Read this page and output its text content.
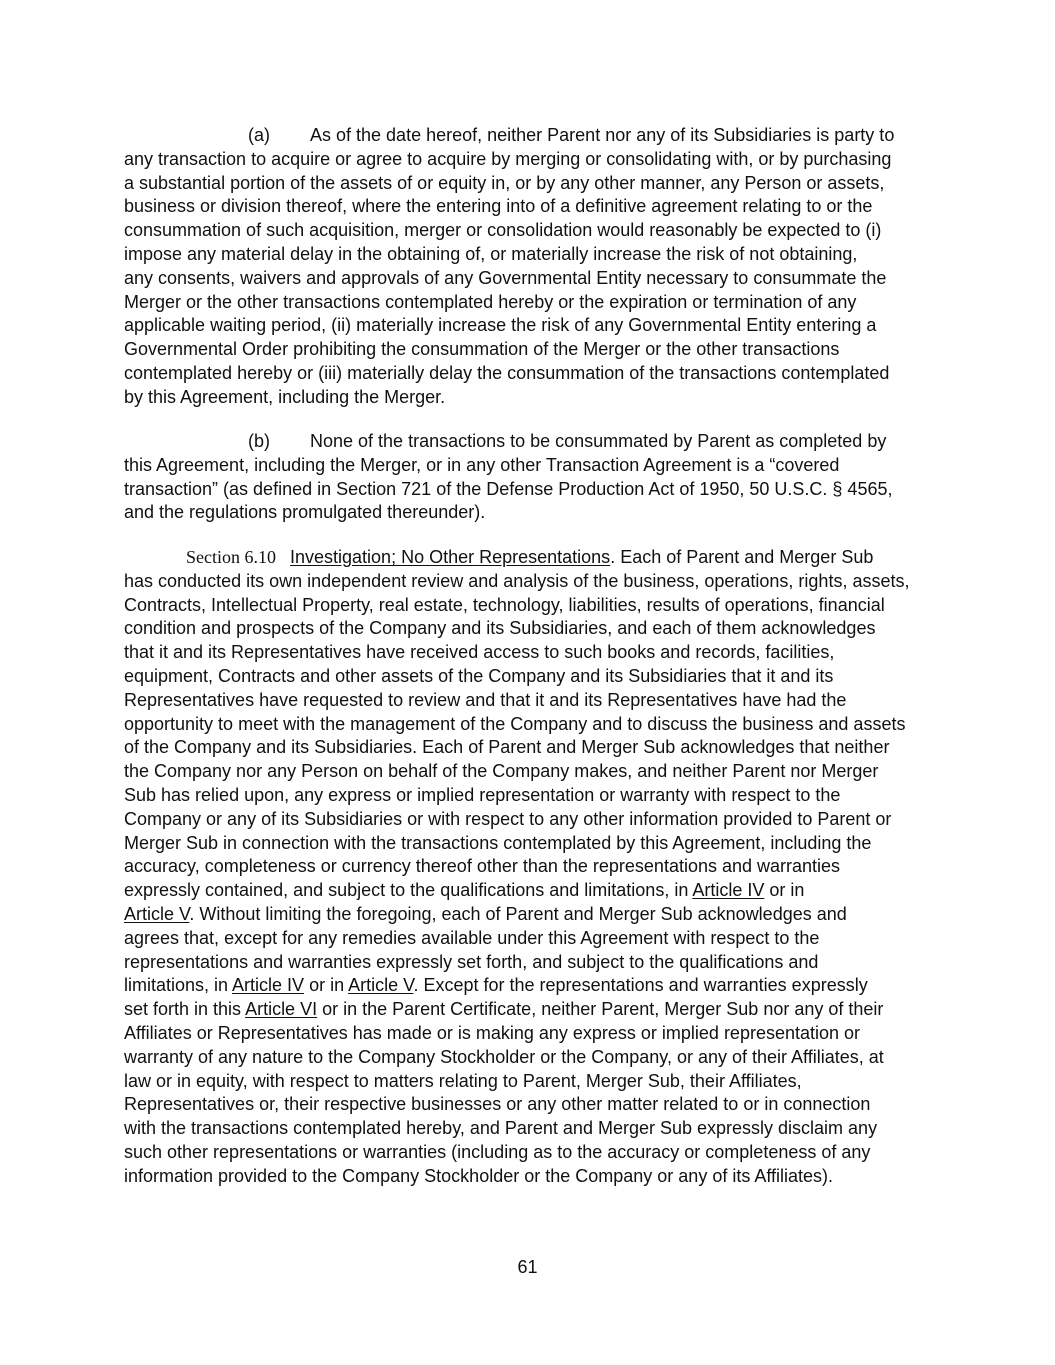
(a) As of the date hereof, neither Parent nor any of its Subsidiaries is party to
any transaction to acquire or agree to acquire by merging or consolidating with, or by purchasing
a substantial portion of the assets of or equity in, or by any other manner, any Person or assets,
business or division thereof, where the entering into of a definitive agreement relating to or the
consummation of such acquisition, merger or consolidation would reasonably be expected to (i)
impose any material delay in the obtaining of, or materially increase the risk of not obtaining,
any consents, waivers and approvals of any Governmental Entity necessary to consummate the
Merger or the other transactions contemplated hereby or the expiration or termination of any
applicable waiting period, (ii) materially increase the risk of any Governmental Entity entering a
Governmental Order prohibiting the consummation of the Merger or the other transactions
contemplated hereby or (iii) materially delay the consummation of the transactions contemplated
by this Agreement, including the Merger.
(b) None of the transactions to be consummated by Parent as completed by
this Agreement, including the Merger, or in any other Transaction Agreement is a “covered
transaction” (as defined in Section 721 of the Defense Production Act of 1950, 50 U.S.C. § 4565,
and the regulations promulgated thereunder).
Section 6.10 Investigation; No Other Representations. Each of Parent and Merger Sub
has conducted its own independent review and analysis of the business, operations, rights, assets,
Contracts, Intellectual Property, real estate, technology, liabilities, results of operations, financial
condition and prospects of the Company and its Subsidiaries, and each of them acknowledges
that it and its Representatives have received access to such books and records, facilities,
equipment, Contracts and other assets of the Company and its Subsidiaries that it and its
Representatives have requested to review and that it and its Representatives have had the
opportunity to meet with the management of the Company and to discuss the business and assets
of the Company and its Subsidiaries. Each of Parent and Merger Sub acknowledges that neither
the Company nor any Person on behalf of the Company makes, and neither Parent nor Merger
Sub has relied upon, any express or implied representation or warranty with respect to the
Company or any of its Subsidiaries or with respect to any other information provided to Parent or
Merger Sub in connection with the transactions contemplated by this Agreement, including the
accuracy, completeness or currency thereof other than the representations and warranties
expressly contained, and subject to the qualifications and limitations, in Article IV or in
Article V. Without limiting the foregoing, each of Parent and Merger Sub acknowledges and
agrees that, except for any remedies available under this Agreement with respect to the
representations and warranties expressly set forth, and subject to the qualifications and
limitations, in Article IV or in Article V. Except for the representations and warranties expressly
set forth in this Article VI or in the Parent Certificate, neither Parent, Merger Sub nor any of their
Affiliates or Representatives has made or is making any express or implied representation or
warranty of any nature to the Company Stockholder or the Company, or any of their Affiliates, at
law or in equity, with respect to matters relating to Parent, Merger Sub, their Affiliates,
Representatives or, their respective businesses or any other matter related to or in connection
with the transactions contemplated hereby, and Parent and Merger Sub expressly disclaim any
such other representations or warranties (including as to the accuracy or completeness of any
information provided to the Company Stockholder or the Company or any of its Affiliates).
61
